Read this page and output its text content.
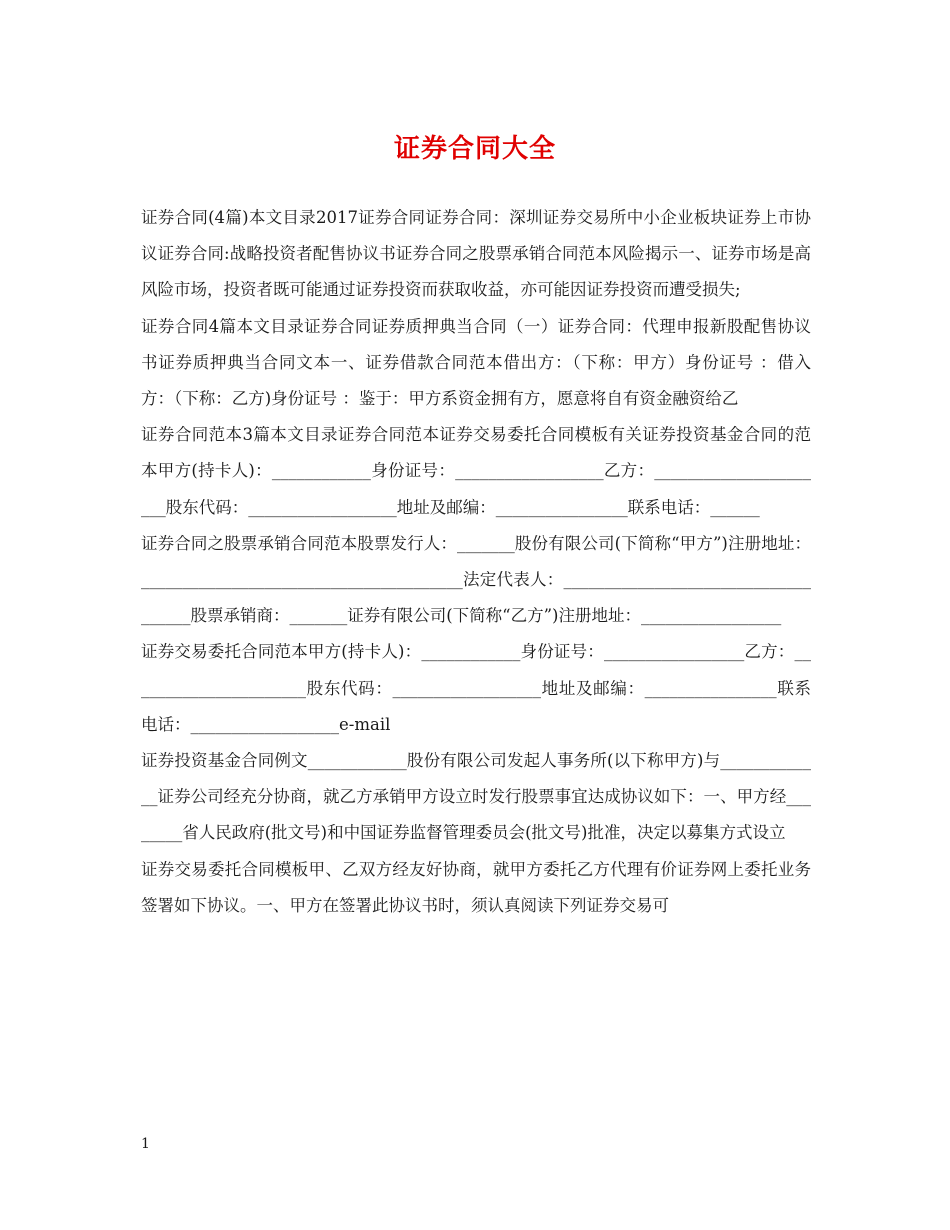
证券合同大全

证券合同(4篇)本文目录2017证券合同证券合同：深圳证券交易所中小企业板块证券上市协议证券合同:战略投资者配售协议书证券合同之股票承销合同范本风险揭示一、证券市场是高风险市场，投资者既可能通过证券投资而获取收益，亦可能因证券投资而遭受损失;

证券合同4篇本文目录证券合同证券质押典当合同（一）证券合同：代理申报新股配售协议书证券质押典当合同文本一、证券借款合同范本借出方：（下称：甲方）身份证号 ：借入方：（下称：乙方)身份证号 ：鉴于：甲方系资金拥有方，愿意将自有资金融资给乙

证券合同范本3篇本文目录证券合同范本证券交易委托合同模板有关证券投资基金合同的范本甲方(持卡人)：____________身份证号：__________________乙方：______________________股东代码：__________________地址及邮编：________________联系电话：______

证券合同之股票承销合同范本股票发行人：_______股份有限公司(下简称“甲方”)注册地址：_______________________________________法定代表人：____________________________________股票承销商：_______证券有限公司(下简称“乙方”)注册地址：_________________

证券交易委托合同范本甲方(持卡人)：____________身份证号：_________________乙方：______________________股东代码：__________________地址及邮编：________________联系电话：__________________e-mail

证券投资基金合同例文____________股份有限公司发起人事务所(以下称甲方)与_____________证券公司经充分协商，就乙方承销甲方设立时发行股票事宜达成协议如下：一、甲方经________省人民政府(批文号)和中国证券监督管理委员会(批文号)批准，决定以募集方式设立

证券交易委托合同模板甲、乙双方经友好协商，就甲方委托乙方代理有价证券网上委托业务签署如下协议。一、甲方在签署此协议书时，须认真阅读下列证券交易可

1
